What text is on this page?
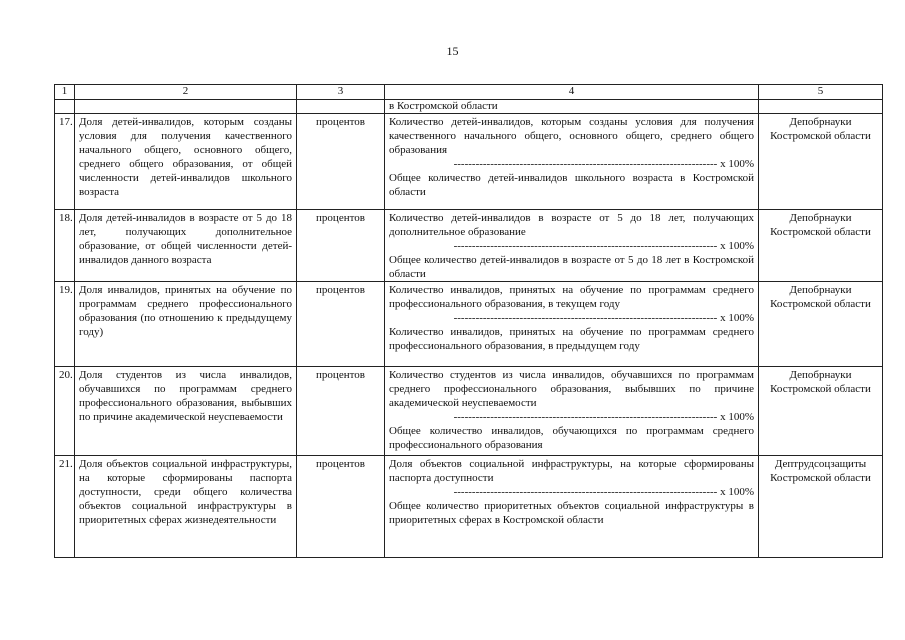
15
1	2	3	4	5

			в Костромской области	

17.	Доля детей-инвалидов, которым созданы условия для получения качественного начального общего, основного общего, среднего общего образования, от общей численности детей-инвалидов школьного возраста	процентов	Количество детей-инвалидов, которым созданы условия для получения качественного начального общего, основного общего, среднего общего образования

------------------------------------------------------------------------ х 100%

Общее количество детей-инвалидов школьного возраста в Костромской области	Депобрнауки Костромской области
18.	Доля детей-инвалидов в возрасте от 5 до 18 лет, получающих дополнительное образование, от общей численности детей-инвалидов данного возраста	процентов	Количество детей-инвалидов в возрасте от 5 до 18 лет, получающих дополнительное образование

------------------------------------------------------------------------ х 100%

Общее количество детей-инвалидов в возрасте от 5 до 18 лет в Костромской области	Депобрнауки Костромской области
19.	Доля инвалидов, принятых на обучение по программам среднего профессионального образования (по отношению к предыдущему году)	процентов	Количество инвалидов, принятых на обучение по программам среднего профессионального образования, в текущем году

------------------------------------------------------------------------ х 100%

Количество инвалидов, принятых на обучение по программам среднего профессионального образования, в предыдущем году	Депобрнауки Костромской области
20.	Доля студентов из числа инвалидов, обучавшихся по программам среднего профессионального образования, выбывших по причине академической неуспеваемости	процентов	Количество студентов из числа инвалидов, обучавшихся по программам среднего профессионального образования, выбывших по причине академической неуспеваемости

------------------------------------------------------------------------ х 100%

Общее количество инвалидов, обучающихся по программам среднего профессионального образования	Депобрнауки Костромской области
21.	Доля объектов социальной инфраструктуры, на которые сформированы паспорта доступности, среди общего количества объектов социальной инфраструктуры в приоритетных сферах жизнедеятельности	процентов	Доля объектов социальной инфраструктуры, на которые сформированы паспорта доступности

------------------------------------------------------------------------ х 100%

Общее количество приоритетных объектов социальной инфраструктуры в приоритетных сферах в Костромской области	Дептрудсоцзащиты Костромской области
